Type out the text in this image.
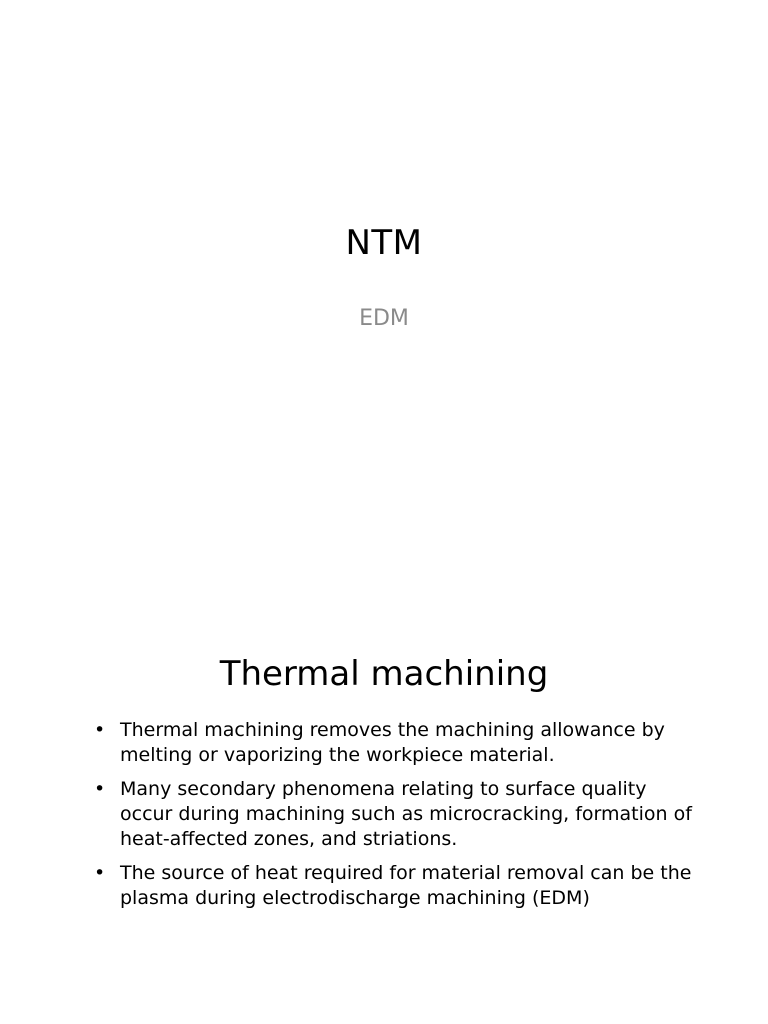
NTM
EDM
Thermal machining
• Thermal machining removes the machining allowance by melting or vaporizing the workpiece material.
• Many secondary phenomena relating to surface quality occur during machining such as microcracking, formation of heat-affected zones, and striations.
• The source of heat required for material removal can be the plasma during electrodischarge machining (EDM)
